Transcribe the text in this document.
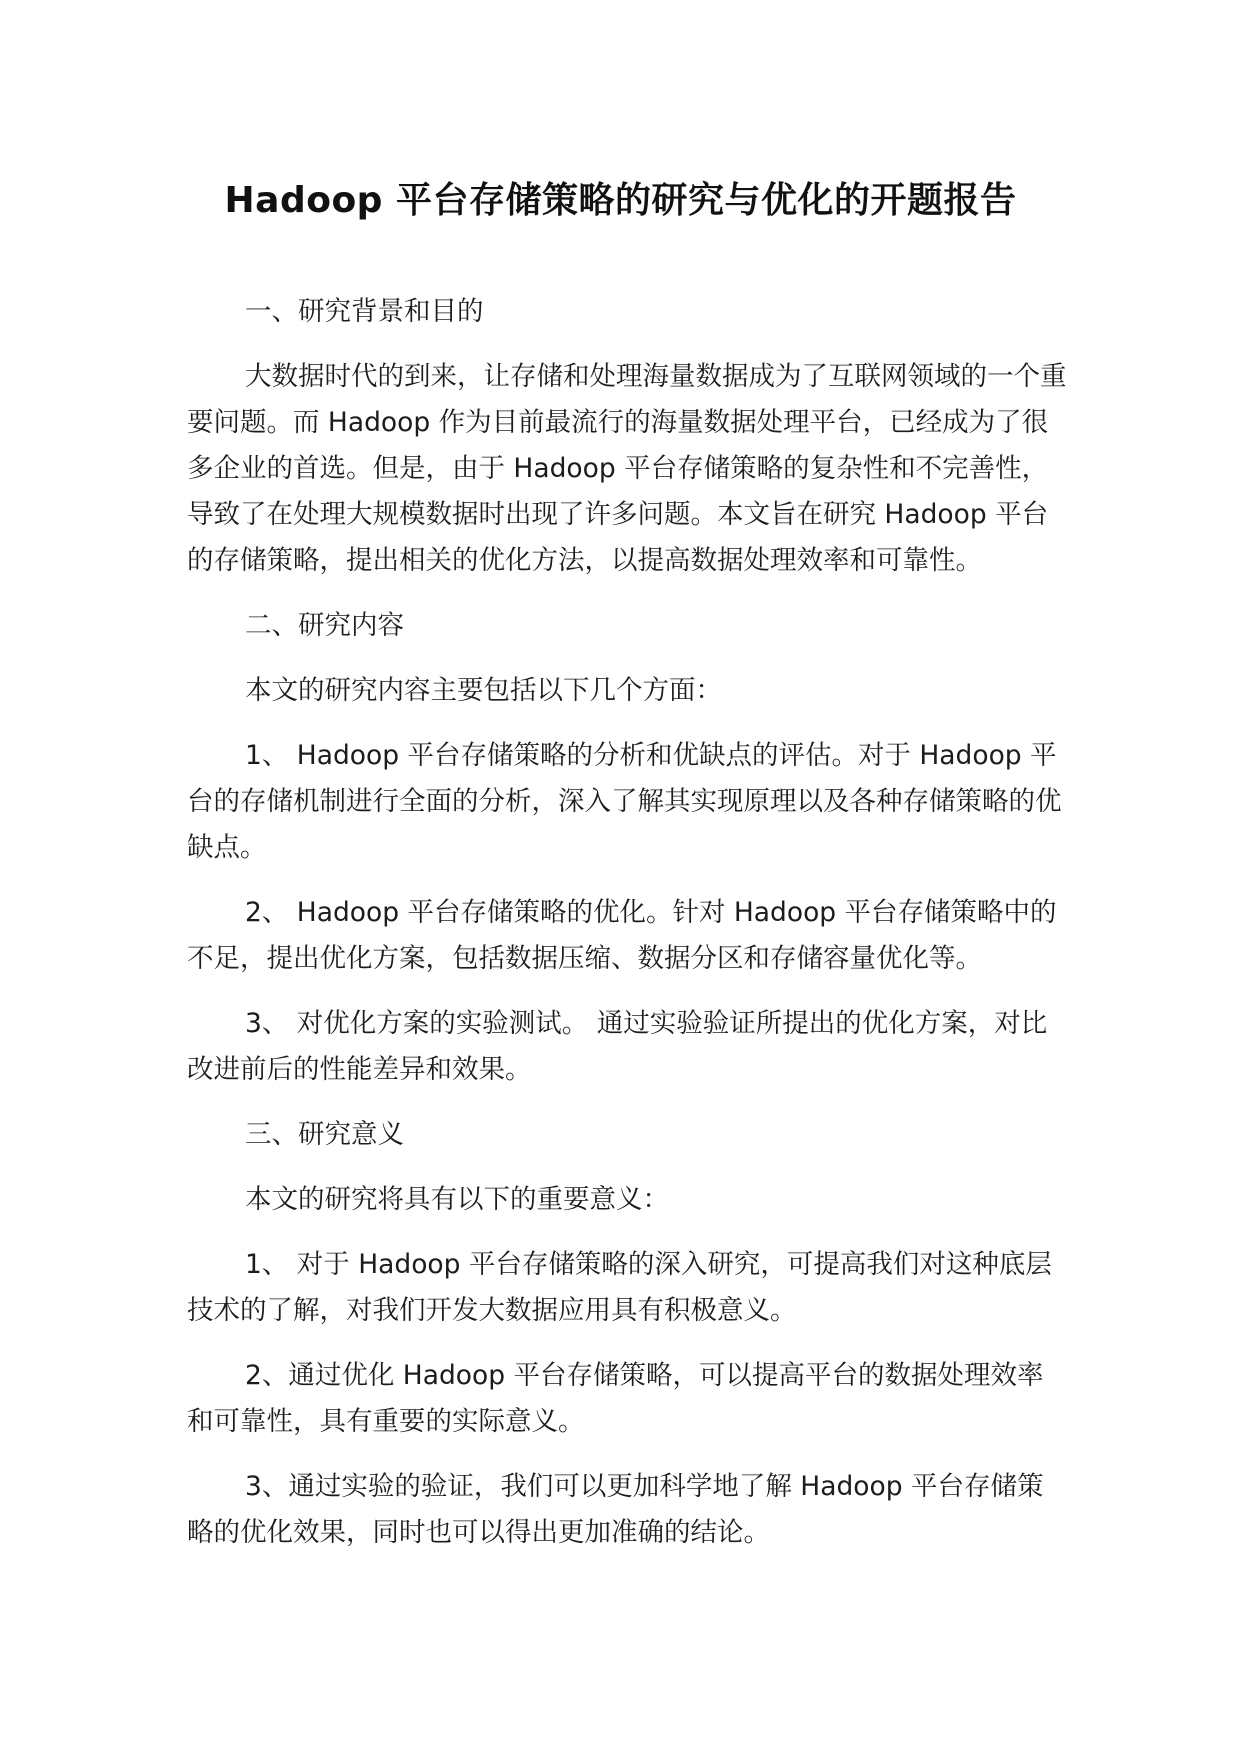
Hadoop 平台存储策略的研究与优化的开题报告

一、研究背景和目的

大数据时代的到来，让存储和处理海量数据成为了互联网领域的一个重要问题。而 Hadoop 作为目前最流行的海量数据处理平台，已经成为了很多企业的首选。但是，由于 Hadoop 平台存储策略的复杂性和不完善性，导致了在处理大规模数据时出现了许多问题。本文旨在研究 Hadoop 平台的存储策略，提出相关的优化方法，以提高数据处理效率和可靠性。

二、研究内容

本文的研究内容主要包括以下几个方面：

1、 Hadoop 平台存储策略的分析和优缺点的评估。对于 Hadoop 平台的存储机制进行全面的分析，深入了解其实现原理以及各种存储策略的优缺点。

2、 Hadoop 平台存储策略的优化。针对 Hadoop 平台存储策略中的不足，提出优化方案，包括数据压缩、数据分区和存储容量优化等。

3、 对优化方案的实验测试。 通过实验验证所提出的优化方案，对比改进前后的性能差异和效果。

三、研究意义

本文的研究将具有以下的重要意义：

1、 对于 Hadoop 平台存储策略的深入研究，可提高我们对这种底层技术的了解，对我们开发大数据应用具有积极意义。

2、通过优化 Hadoop 平台存储策略，可以提高平台的数据处理效率和可靠性，具有重要的实际意义。

3、通过实验的验证，我们可以更加科学地了解 Hadoop 平台存储策略的优化效果，同时也可以得出更加准确的结论。
